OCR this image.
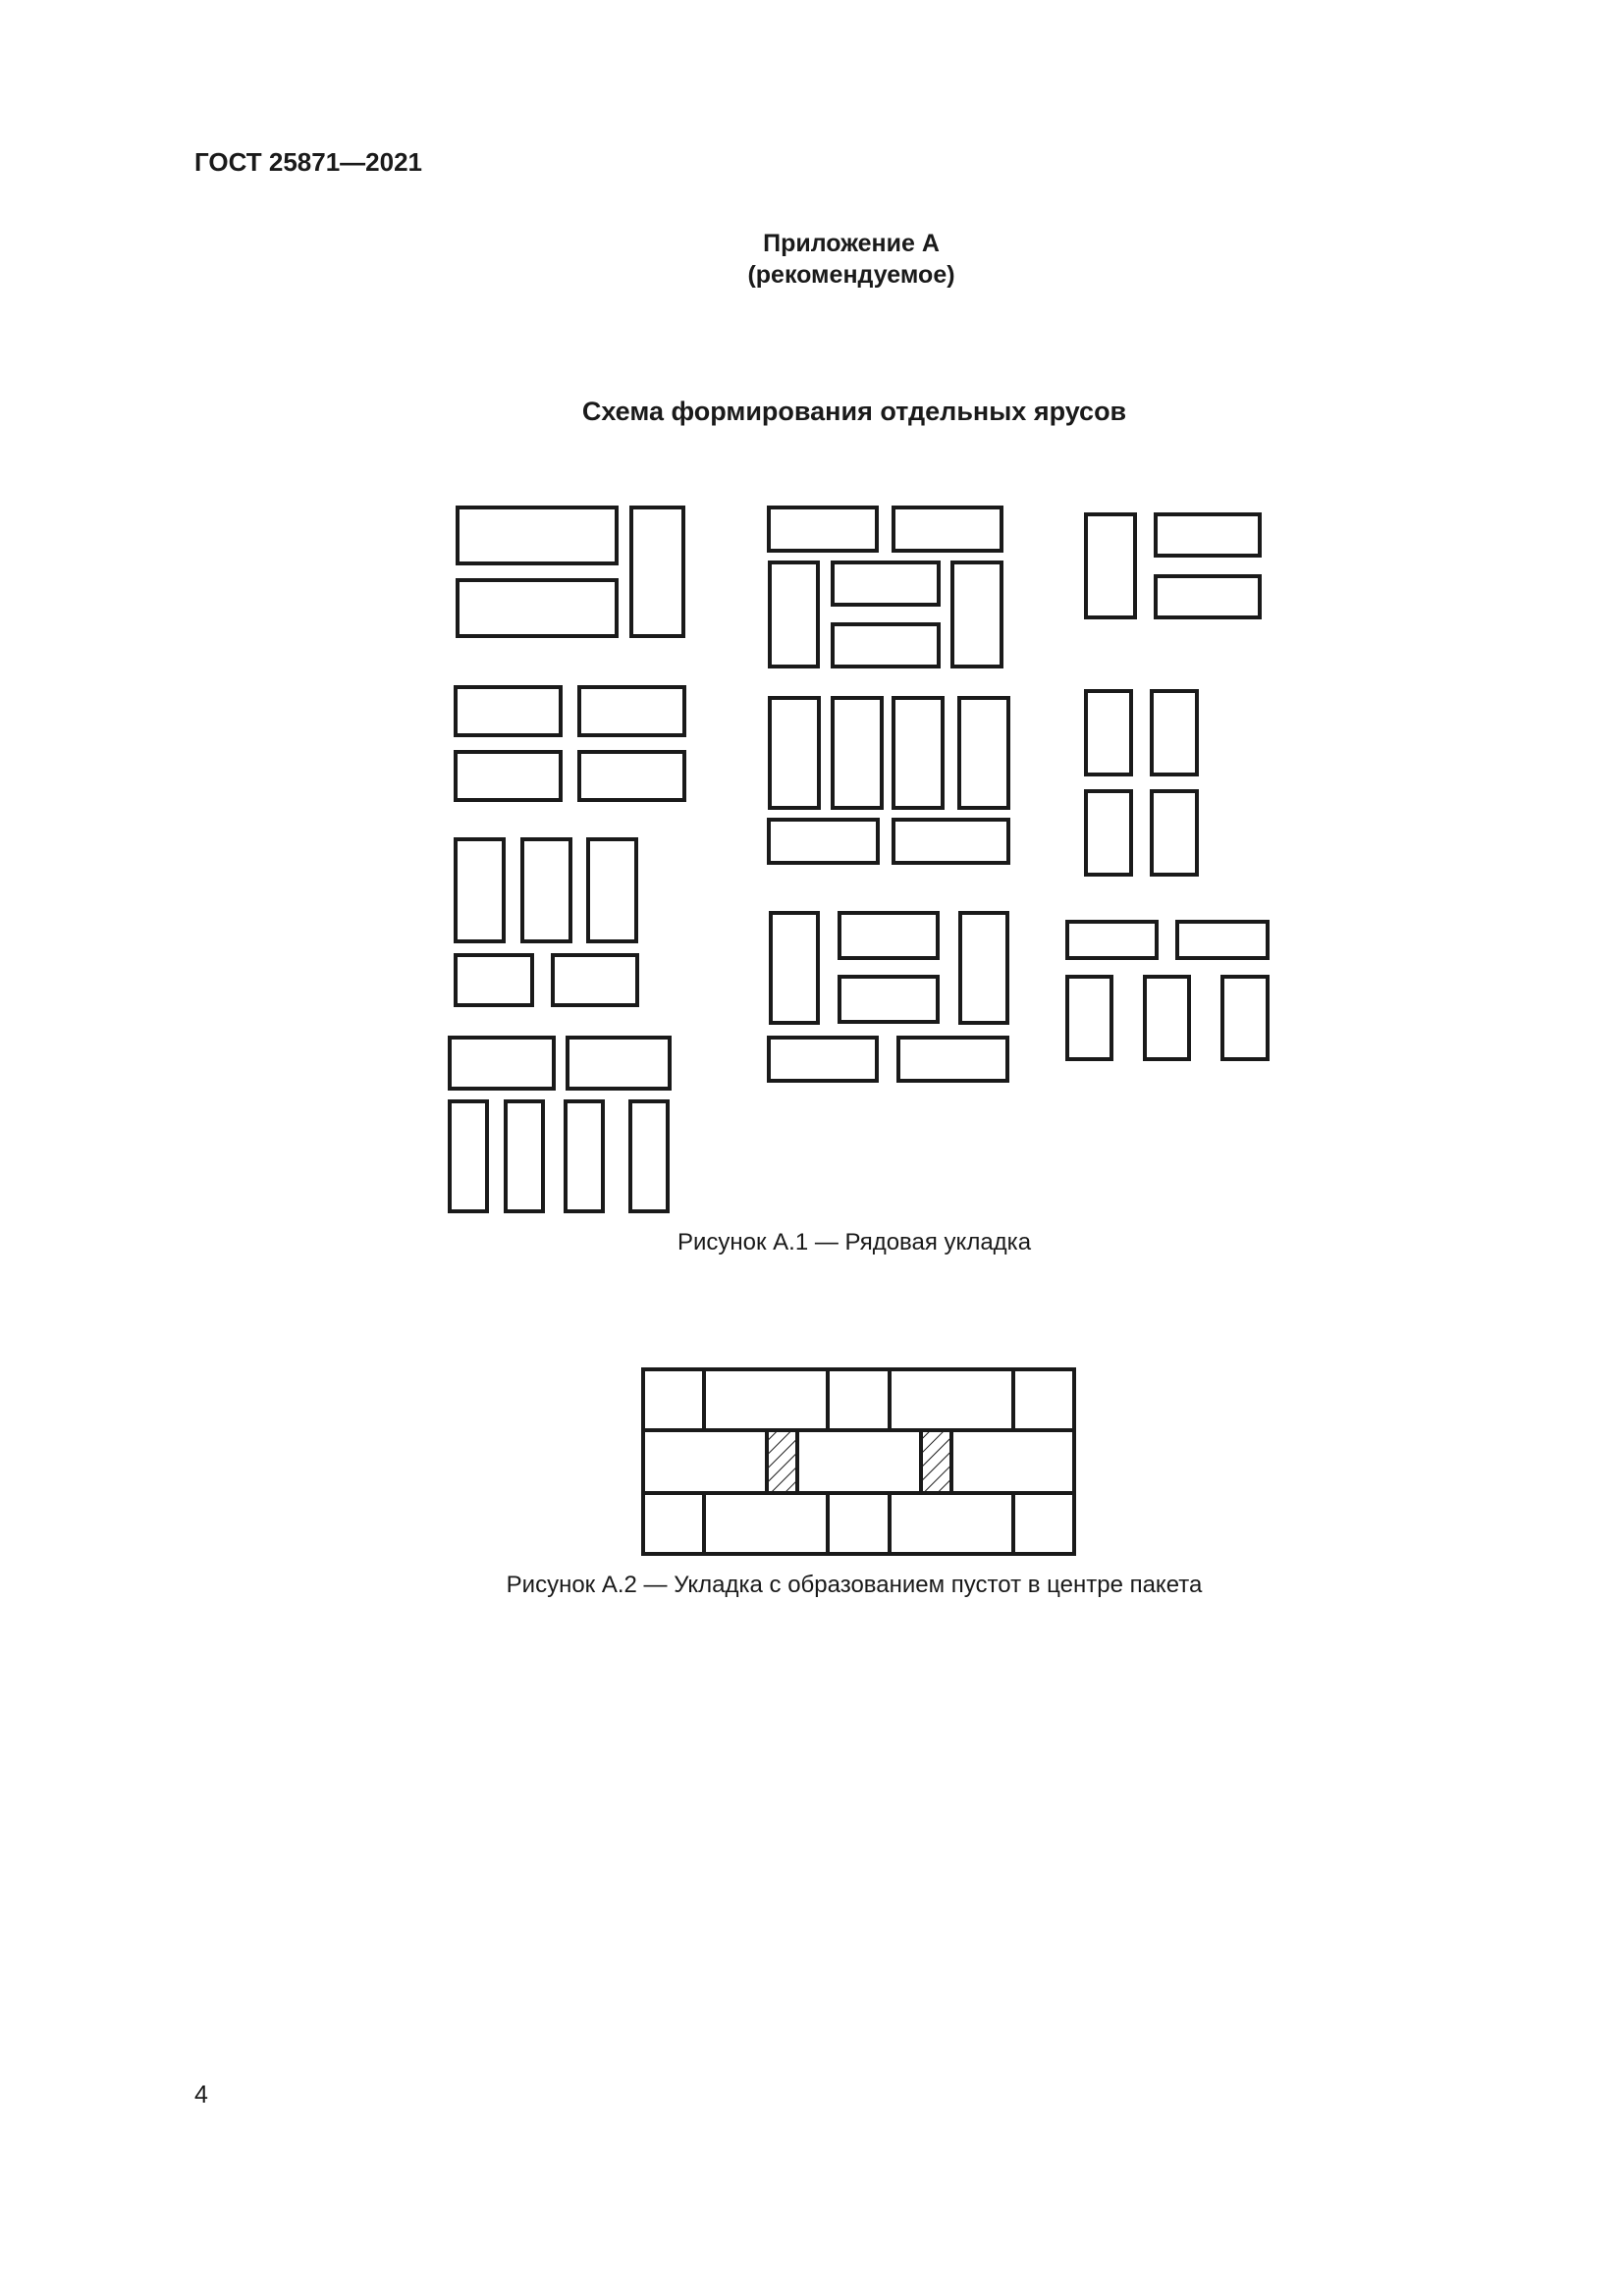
ГОСТ 25871—2021
Приложение А
(рекомендуемое)
Схема формирования отдельных ярусов
Рисунок А.1 — Рядовая укладка
Рисунок А.2 — Укладка с образованием пустот в центре пакета
4
